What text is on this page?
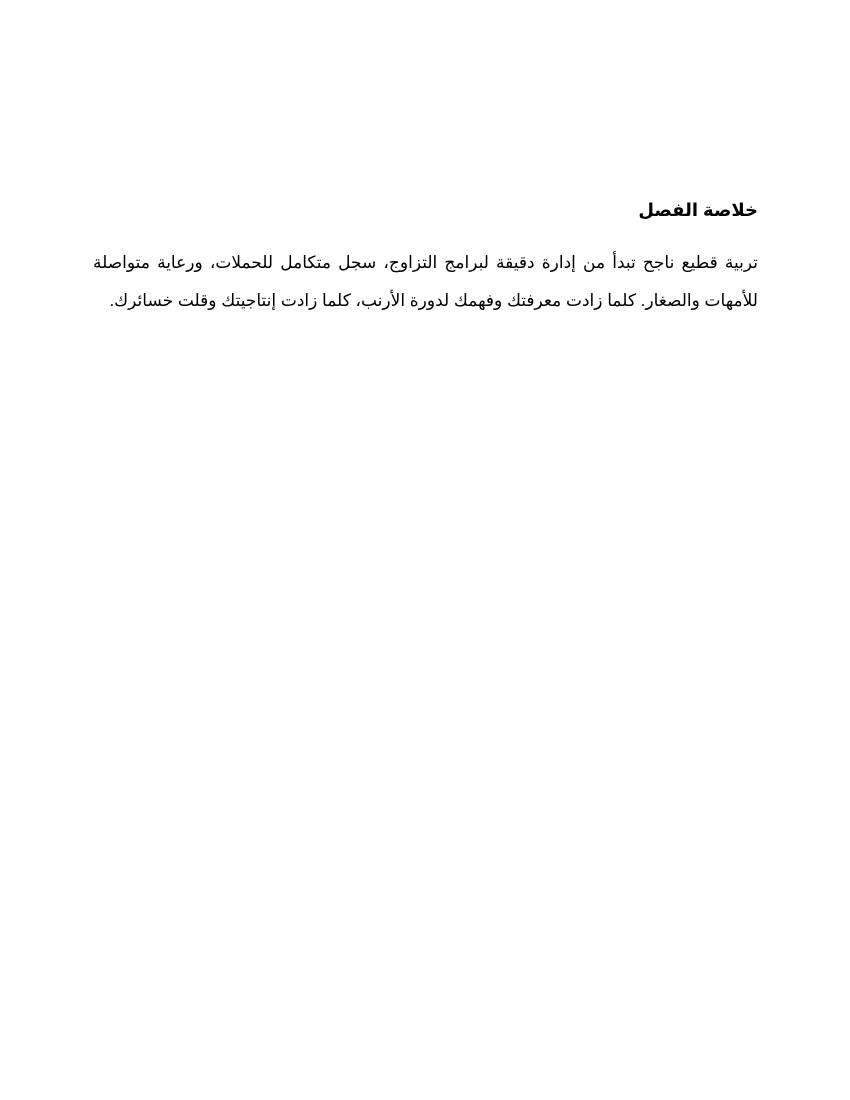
خلاصة الفصل

تربية قطيع ناجح تبدأ من إدارة دقيقة لبرامج التزاوج، سجل متكامل للحملات، ورعاية متواصلة للأمهات والصغار. كلما زادت معرفتك وفهمك لدورة الأرنب، كلما زادت إنتاجيتك وقلت خسائرك.
